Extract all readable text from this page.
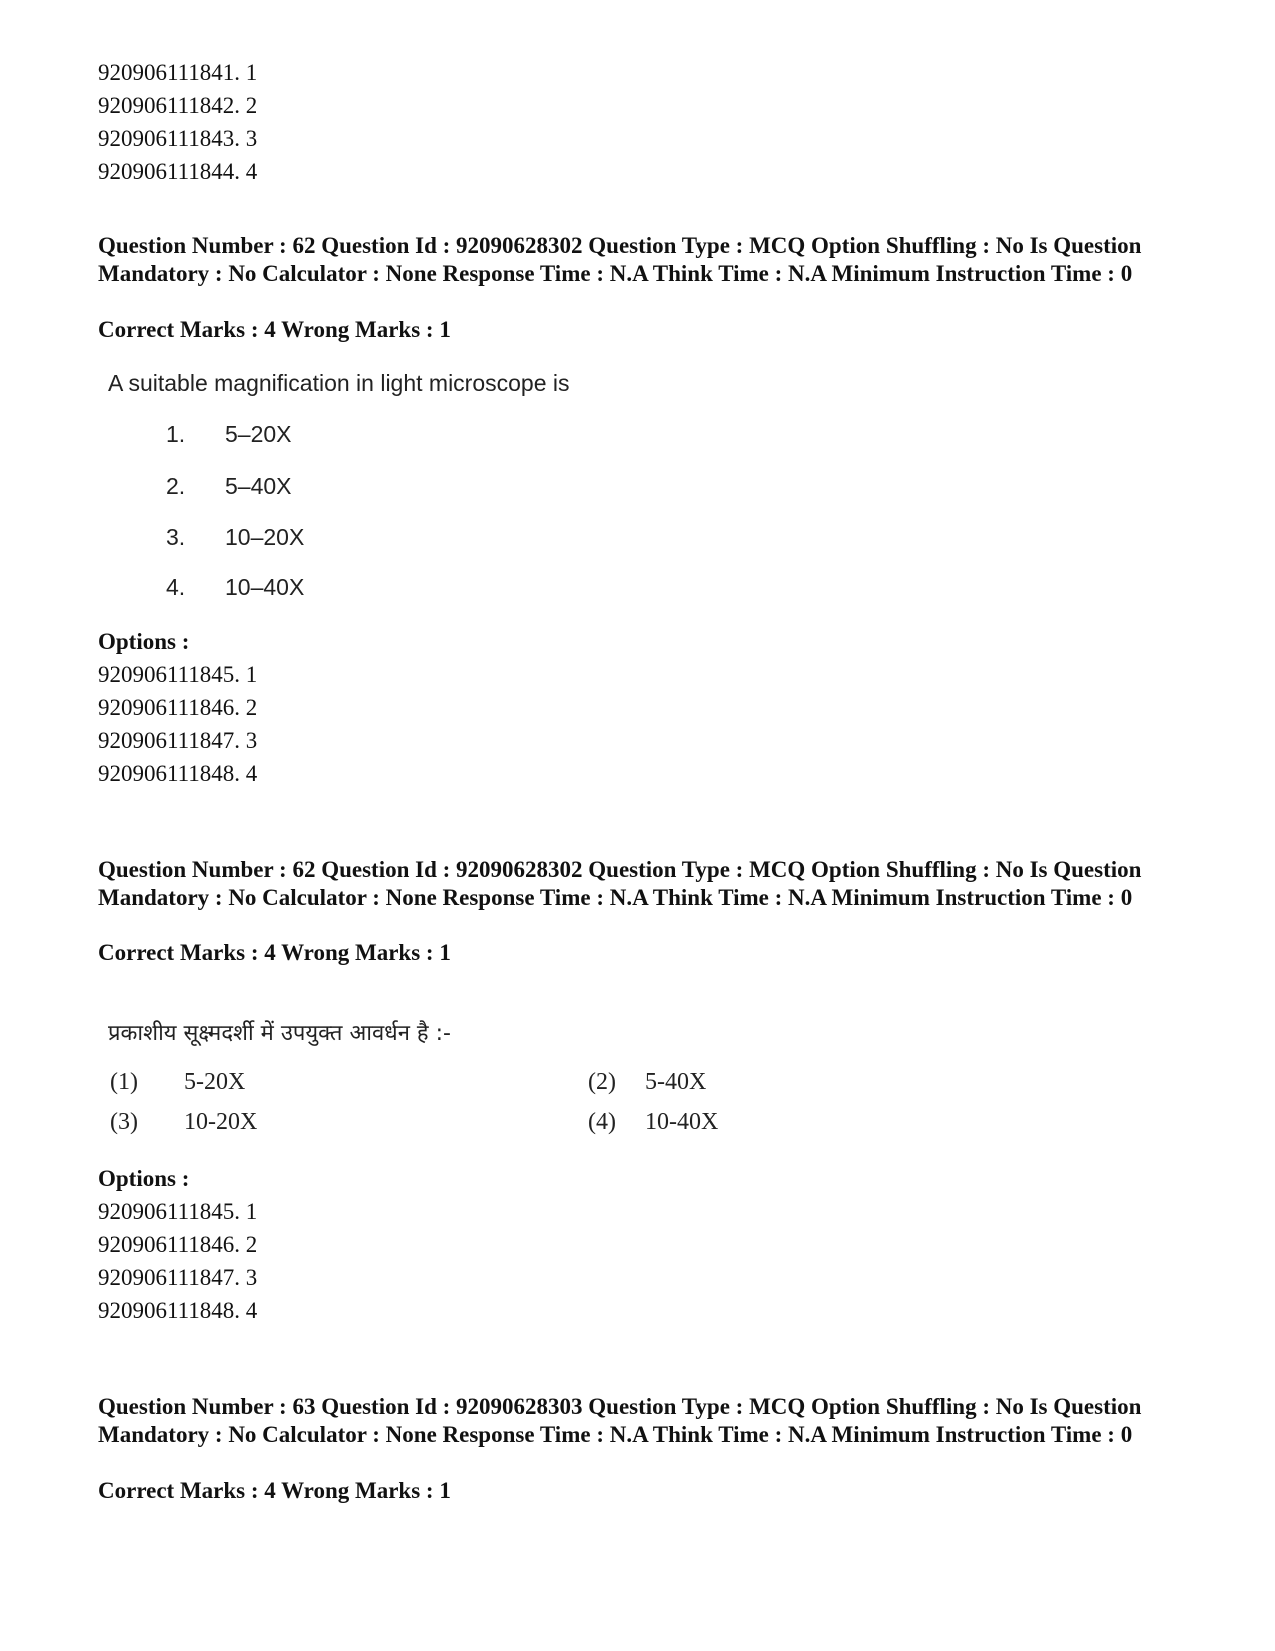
920906111841. 1
920906111842. 2
920906111843. 3
920906111844. 4
Question Number : 62 Question Id : 92090628302 Question Type : MCQ Option Shuffling : No Is Question Mandatory : No Calculator : None Response Time : N.A Think Time : N.A Minimum Instruction Time : 0
Correct Marks : 4 Wrong Marks : 1
A suitable magnification in light microscope is
1. 5–20X
2. 5–40X
3. 10–20X
4. 10–40X
Options :
920906111845. 1
920906111846. 2
920906111847. 3
920906111848. 4
Question Number : 62 Question Id : 92090628302 Question Type : MCQ Option Shuffling : No Is Question Mandatory : No Calculator : None Response Time : N.A Think Time : N.A Minimum Instruction Time : 0
Correct Marks : 4 Wrong Marks : 1
प्रकाशीय सूक्ष्मदर्शी में उपयुक्त आवर्धन है :-
(1) 5-20X	(2) 5-40X
(3) 10-20X	(4) 10-40X
Options :
920906111845. 1
920906111846. 2
920906111847. 3
920906111848. 4
Question Number : 63 Question Id : 92090628303 Question Type : MCQ Option Shuffling : No Is Question Mandatory : No Calculator : None Response Time : N.A Think Time : N.A Minimum Instruction Time : 0
Correct Marks : 4 Wrong Marks : 1
